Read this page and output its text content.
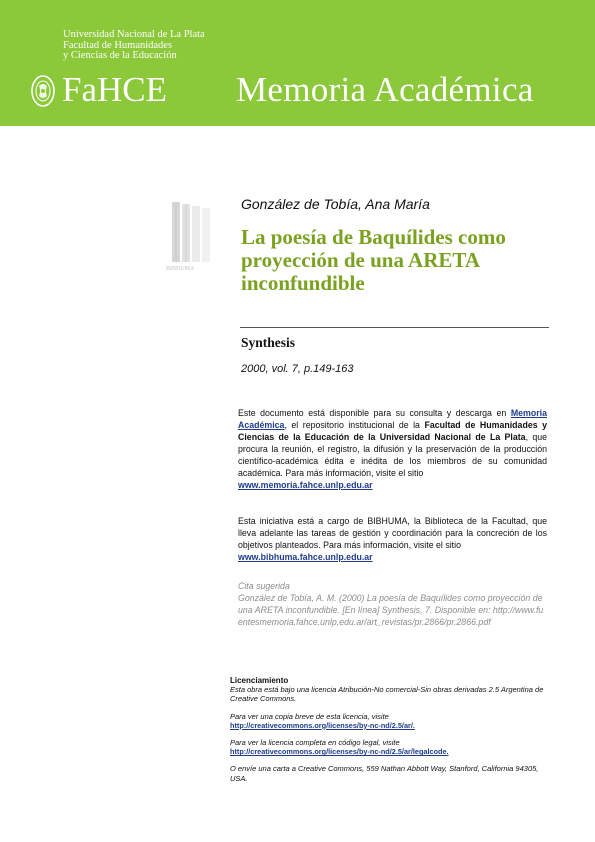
Universidad Nacional de La Plata
Facultad de Humanidades
y Ciencias de la Educación
FaHCE Memoria Académica
BIBHUMA
González de Tobía, Ana María
La poesía de Baquílides como proyección de una ARETA inconfundible
Synthesis
2000, vol. 7, p.149-163
Este documento está disponible para su consulta y descarga en Memoria Académica, el repositorio institucional de la Facultad de Humanidades y Ciencias de la Educación de la Universidad Nacional de La Plata, que procura la reunión, el registro, la difusión y la preservación de la producción científico-académica édita e inédita de los miembros de su comunidad académica. Para más información, visite el sitio
www.memoria.fahce.unlp.edu.ar
Esta iniciativa está a cargo de BIBHUMA, la Biblioteca de la Facultad, que lleva adelante las tareas de gestión y coordinación para la concreción de los objetivos planteados. Para más información, visite el sitio
www.bibhuma.fahce.unlp.edu.ar
Cita sugerida
González de Tobía, A. M. (2000) La poesía de Baquílides como proyección de una ARETA inconfundible. [En línea] Synthesis, 7. Disponible en: http://www.fuentesmemoria.fahce.unlp.edu.ar/art_revistas/pr.2866/pr.2866.pdf
Licenciamiento
Esta obra está bajo una licencia Atribución-No comercial-Sin obras derivadas 2.5 Argentina de Creative Commons.
Para ver una copia breve de esta licencia, visite
http://creativecommons.org/licenses/by-nc-nd/2.5/ar/.
Para ver la licencia completa en código legal, visite
http://creativecommons.org/licenses/by-nc-nd/2.5/ar/legalcode.
O envíe una carta a Creative Commons, 559 Nathan Abbott Way, Stanford, California 94305, USA.
